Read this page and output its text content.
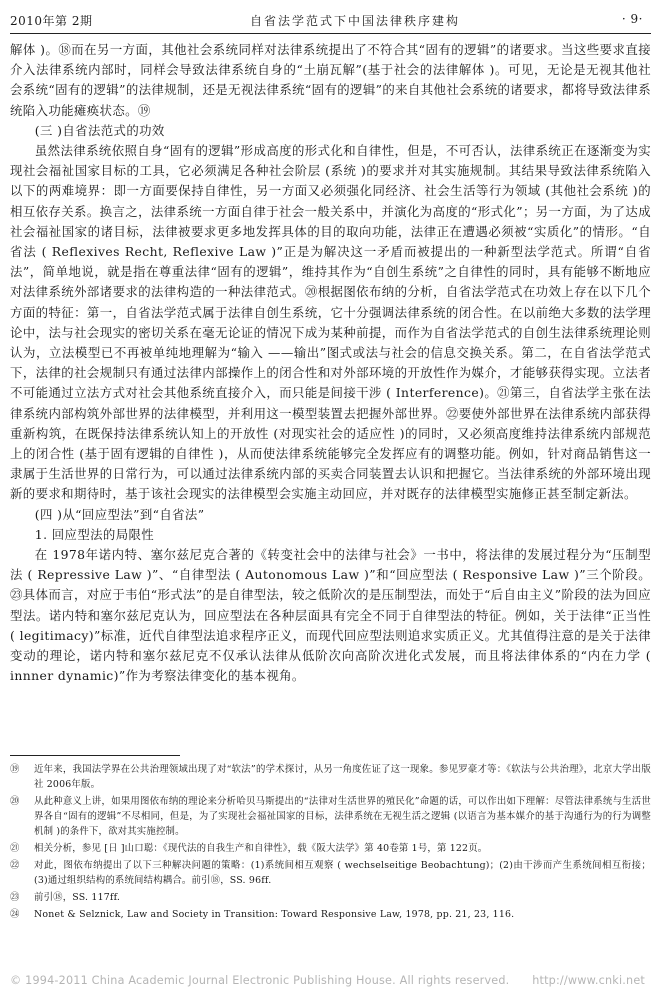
2010年第 2期	自省法学范式下中国法律秩序建构	· 9·

解体 )。⑱而在另一方面，其他社会系统同样对法律系统提出了不符合其“固有的逻辑”的诸要求。当这些要求直接介入法律系统内部时，同样会导致法律系统自身的“土崩瓦解”(基于社会的法律解体 )。可见，无论是无视其他社会系统“固有的逻辑”的法律规制，还是无视法律系统“固有的逻辑”的来自其他社会系统的诸要求，都将导致法律系统陷入功能瘫痪状态。⑲

(三 )自省法范式的功效

虽然法律系统依照自身“固有的逻辑”形成高度的形式化和自律性，但是，不可否认，法律系统正在逐渐变为实现社会福祉国家目标的工具，它必须满足各种社会阶层 (系统 )的要求并对其实施规制。其结果导致法律系统陷入以下的两难境界：即一方面要保持自律性，另一方面又必须强化同经济、社会生活等行为领域 (其他社会系统 )的相互依存关系。换言之，法律系统一方面自律于社会一般关系中，并演化为高度的“形式化”；另一方面，为了达成社会福祉国家的诸目标，法律被要求更多地发挥具体的目的取向功能，法律正在遭遇必须被“实质化”的情形。“自省法 ( Reflexives Recht, Reflexive Law )”正是为解决这一矛盾而被提出的一种新型法学范式。所谓“自省法”，简单地说，就是指在尊重法律“固有的逻辑”，维持其作为“自创生系统”之自律性的同时，具有能够不断地应对法律系统外部诸要求的法律构造的一种法律范式。⑳根据图依布纳的分析，自省法学范式在功效上存在以下几个方面的特征：第一，自省法学范式属于法律自创生系统，它十分强调法律系统的闭合性。在以前绝大多数的法学理论中，法与社会现实的密切关系在毫无论证的情况下成为某种前提，而作为自省法学范式的自创生法律系统理论则认为，立法模型已不再被单纯地理解为“输入 ——输出”图式或法与社会的信息交换关系。第二，在自省法学范式下，法律的社会规制只有通过法律内部操作上的闭合性和对外部环境的开放性作为媒介，才能够获得实现。立法者不可能通过立法方式对社会其他系统直接介入，而只能是间接干涉 ( Interference)。㉑第三，自省法学主张在法律系统内部构筑外部世界的法律模型，并利用这一模型装置去把握外部世界。㉒要使外部世界在法律系统内部获得重新构筑，在既保持法律系统认知上的开放性 (对现实社会的适应性 )的同时，又必须高度维持法律系统内部规范上的闭合性 (基于固有逻辑的自律性 )，从而使法律系统能够完全发挥应有的调整功能。例如，针对商品销售这一隶属于生活世界的日常行为，可以通过法律系统内部的买卖合同装置去认识和把握它。当法律系统的外部环境出现新的要求和期待时，基于该社会现实的法律模型会实施主动回应，并对既存的法律模型实施修正甚至制定新法。

(四 )从“回应型法”到“自省法”

1. 回应型法的局限性

在 1978年诺内特、塞尔兹尼克合著的《转变社会中的法律与社会》一书中，将法律的发展过程分为“压制型法 ( Repressive Law )”、“自律型法 ( Autonomous Law )”和“回应型法 ( Responsive Law )”三个阶段。㉓具体而言，对应于韦伯“形式法”的是自律型法，较之低阶次的是压制型法，而处于“后自由主义”阶段的法为回应型法。诺内特和塞尔兹尼克认为，回应型法在各种层面具有完全不同于自律型法的特征。例如，关于法律“正当性 ( legitimacy)”标准，近代自律型法追求程序正义，而现代回应型法则追求实质正义。尤其值得注意的是关于法律变动的理论，诺内特和塞尔兹尼克不仅承认法律从低阶次向高阶次进化式发展，而且将法律体系的“内在力学 ( innner dynamic)”作为考察法律变化的基本视角。

⑲ 近年来，我国法学界在公共治理领域出现了对“软法”的学术探讨，从另一角度佐证了这一现象。参见罗豪才等：《软法与公共治理》，北京大学出版社 2006年版。

⑳ 从此种意义上讲，如果用图依布纳的理论来分析哈贝马斯提出的“法律对生活世界的殖民化”命题的话，可以作出如下理解：尽管法律系统与生活世界各自“固有的逻辑”不尽相同，但是，为了实现社会福祉国家的目标，法律系统在无视生活之逻辑 (以语言为基本媒介的基于沟通行为的行为调整机制 )的条件下，欲对其实施控制。

㉑ 相关分析，参见 [日 ]山口聪：《现代法的自我生产和自律性》，载《阪大法学》第 40卷第 1号，第 122页。

㉒ 对此，图依布纳提出了以下三种解决问题的策略：(1)系统间相互观察 ( wechselseitige Beobachtung)；(2)由干涉而产生系统间相互衔接；(3)通过组织结构的系统间结构耦合。前引⑱，SS. 96ff.

㉓ 前引⑱，SS. 117ff.

㉔ Nonet & Selznick, Law and Society in Transition: Toward Responsive Law, 1978, pp. 21, 23, 116.

© 1994-2011 China Academic Journal Electronic Publishing House. All rights reserved. http://www.cnki.net
